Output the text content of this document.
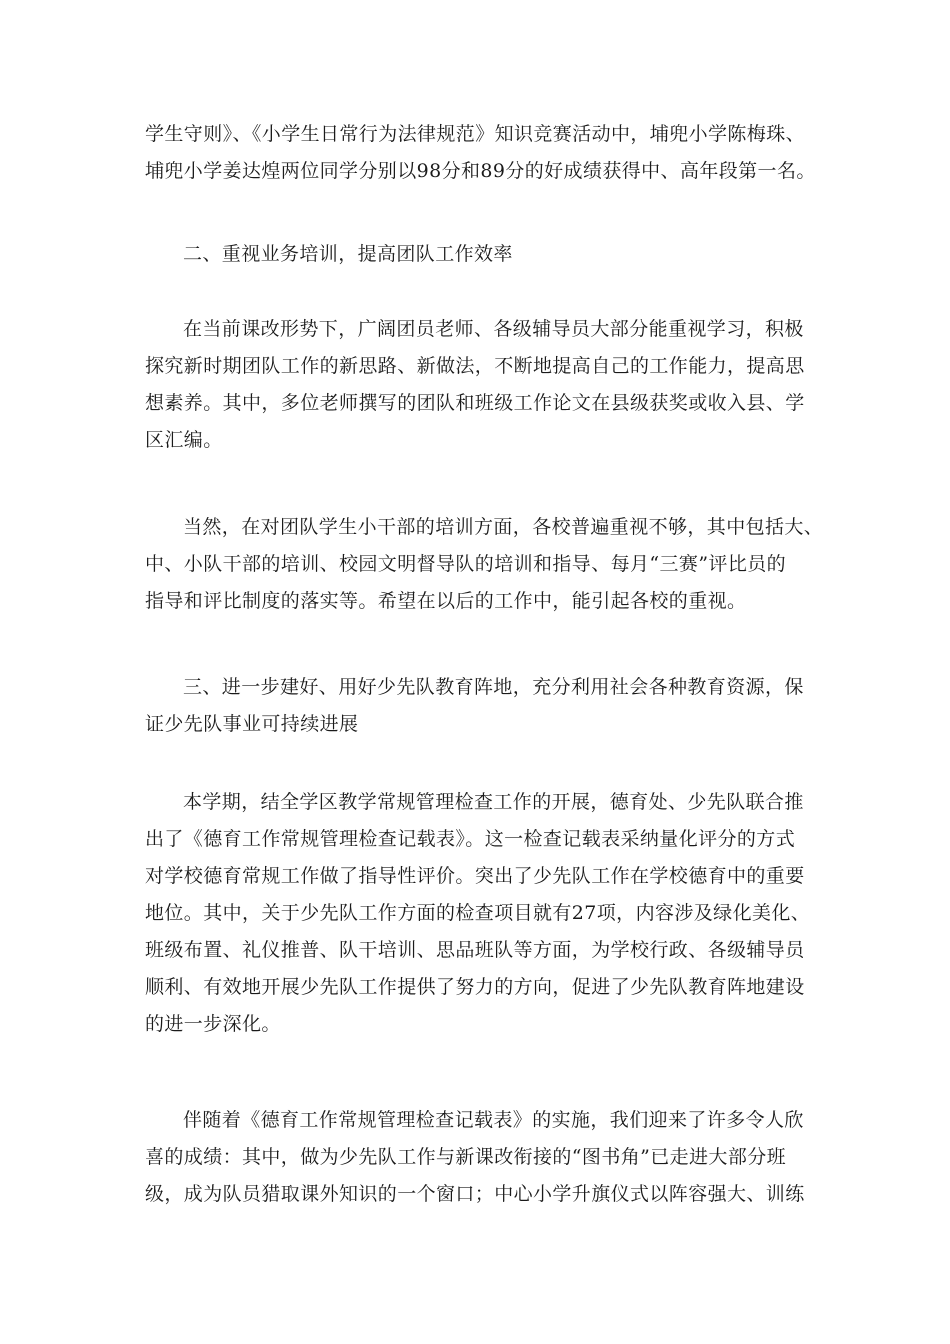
学生守则》、《小学生日常行为法律规范》知识竞赛活动中，埔兜小学陈梅珠、
埔兜小学姜达煌两位同学分别以98分和89分的好成绩获得中、高年段第一名。
二、重视业务培训，提高团队工作效率
在当前课改形势下，广阔团员老师、各级辅导员大部分能重视学习，积极
探究新时期团队工作的新思路、新做法，不断地提高自己的工作能力，提高思
想素养。其中，多位老师撰写的团队和班级工作论文在县级获奖或收入县、学
区汇编。
当然，在对团队学生小干部的培训方面，各校普遍重视不够，其中包括大、
中、小队干部的培训、校园文明督导队的培训和指导、每月“三赛”评比员的
指导和评比制度的落实等。希望在以后的工作中，能引起各校的重视。
三、进一步建好、用好少先队教育阵地，充分利用社会各种教育资源，保
证少先队事业可持续进展
本学期，结全学区教学常规管理检查工作的开展，德育处、少先队联合推
出了《德育工作常规管理检查记载表》。这一检查记载表采纳量化评分的方式
对学校德育常规工作做了指导性评价。突出了少先队工作在学校德育中的重要
地位。其中，关于少先队工作方面的检查项目就有27项，内容涉及绿化美化、
班级布置、礼仪推普、队干培训、思品班队等方面，为学校行政、各级辅导员
顺利、有效地开展少先队工作提供了努力的方向，促进了少先队教育阵地建设
的进一步深化。
伴随着《德育工作常规管理检查记载表》的实施，我们迎来了许多令人欣
喜的成绩：其中，做为少先队工作与新课改衔接的“图书角”已走进大部分班
级，成为队员猎取课外知识的一个窗口；中心小学升旗仪式以阵容强大、训练
